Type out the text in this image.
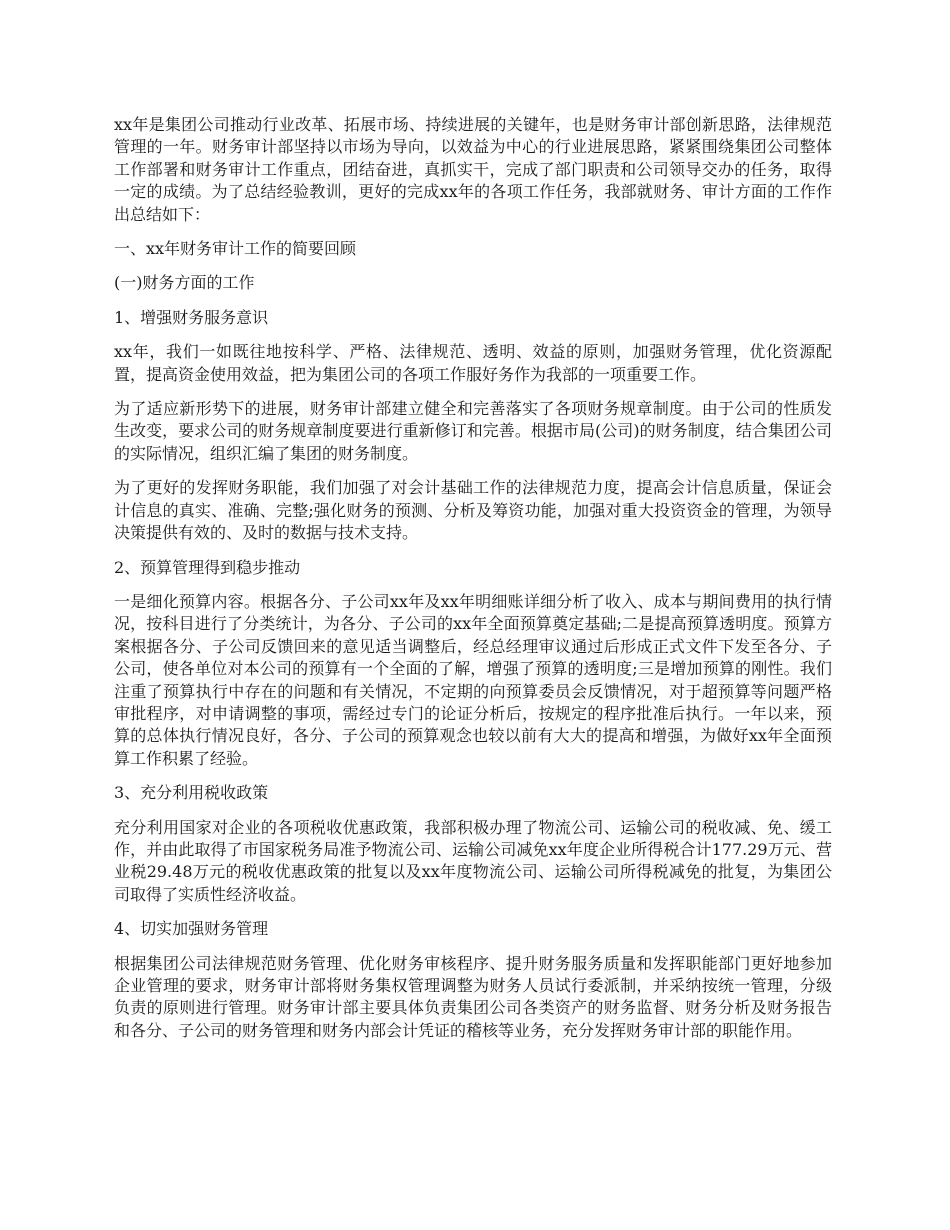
xx年是集团公司推动行业改革、拓展市场、持续进展的关键年，也是财务审计部创新思路，法律规范管理的一年。财务审计部坚持以市场为导向，以效益为中心的行业进展思路，紧紧围绕集团公司整体工作部署和财务审计工作重点，团结奋进，真抓实干，完成了部门职责和公司领导交办的任务，取得一定的成绩。为了总结经验教训，更好的完成xx年的各项工作任务，我部就财务、审计方面的工作作出总结如下：

一、xx年财务审计工作的简要回顾

(一)财务方面的工作

1、增强财务服务意识

xx年，我们一如既往地按科学、严格、法律规范、透明、效益的原则，加强财务管理，优化资源配置，提高资金使用效益，把为集团公司的各项工作服好务作为我部的一项重要工作。

为了适应新形势下的进展，财务审计部建立健全和完善落实了各项财务规章制度。由于公司的性质发生改变，要求公司的财务规章制度要进行重新修订和完善。根据市局(公司)的财务制度，结合集团公司的实际情况，组织汇编了集团的财务制度。

为了更好的发挥财务职能，我们加强了对会计基础工作的法律规范力度，提高会计信息质量，保证会计信息的真实、准确、完整;强化财务的预测、分析及筹资功能，加强对重大投资资金的管理，为领导决策提供有效的、及时的数据与技术支持。

2、预算管理得到稳步推动

一是细化预算内容。根据各分、子公司xx年及xx年明细账详细分析了收入、成本与期间费用的执行情况，按科目进行了分类统计，为各分、子公司的xx年全面预算奠定基础;二是提高预算透明度。预算方案根据各分、子公司反馈回来的意见适当调整后，经总经理审议通过后形成正式文件下发至各分、子公司，使各单位对本公司的预算有一个全面的了解，增强了预算的透明度;三是增加预算的刚性。我们注重了预算执行中存在的问题和有关情况，不定期的向预算委员会反馈情况，对于超预算等问题严格审批程序，对申请调整的事项，需经过专门的论证分析后，按规定的程序批准后执行。一年以来，预算的总体执行情况良好，各分、子公司的预算观念也较以前有大大的提高和增强，为做好xx年全面预算工作积累了经验。

3、充分利用税收政策

充分利用国家对企业的各项税收优惠政策，我部积极办理了物流公司、运输公司的税收减、免、缓工作，并由此取得了市国家税务局准予物流公司、运输公司减免xx年度企业所得税合计177.29万元、营业税29.48万元的税收优惠政策的批复以及xx年度物流公司、运输公司所得税减免的批复，为集团公司取得了实质性经济收益。

4、切实加强财务管理

根据集团公司法律规范财务管理、优化财务审核程序、提升财务服务质量和发挥职能部门更好地参加企业管理的要求，财务审计部将财务集权管理调整为财务人员试行委派制，并采纳按统一管理，分级负责的原则进行管理。财务审计部主要具体负责集团公司各类资产的财务监督、财务分析及财务报告和各分、子公司的财务管理和财务内部会计凭证的稽核等业务，充分发挥财务审计部的职能作用。
